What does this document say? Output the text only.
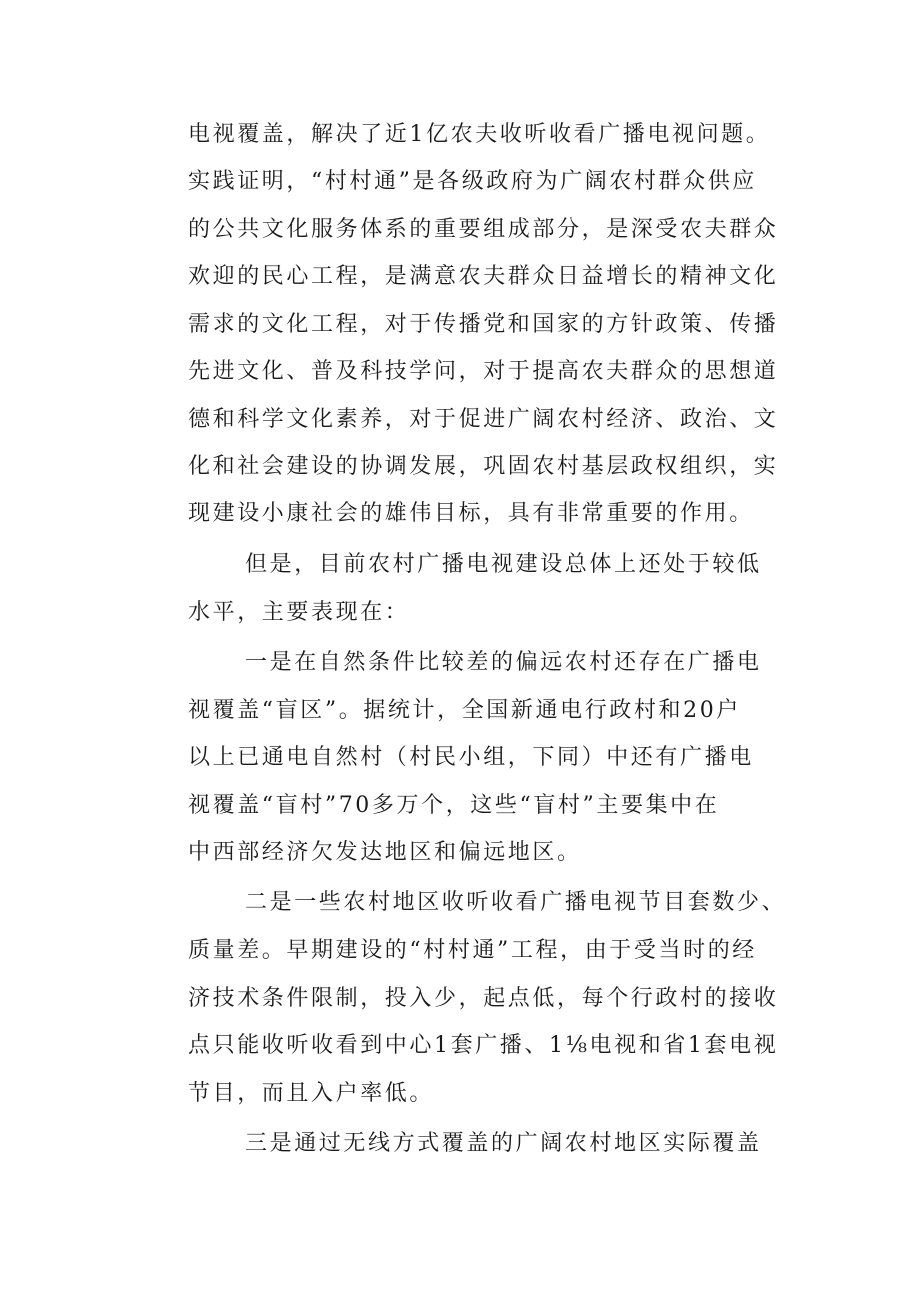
电视覆盖，解决了近1亿农夫收听收看广播电视问题。
实践证明，“村村通”是各级政府为广阔农村群众供应
的公共文化服务体系的重要组成部分，是深受农夫群众
欢迎的民心工程，是满意农夫群众日益增长的精神文化
需求的文化工程，对于传播党和国家的方针政策、传播
先进文化、普及科技学问，对于提高农夫群众的思想道
德和科学文化素养，对于促进广阔农村经济、政治、文
化和社会建设的协调发展，巩固农村基层政权组织，实
现建设小康社会的雄伟目标，具有非常重要的作用。
但是，目前农村广播电视建设总体上还处于较低
水平，主要表现在：
一是在自然条件比较差的偏远农村还存在广播电
视覆盖“盲区”。据统计，全国新通电行政村和20户
以上已通电自然村（村民小组，下同）中还有广播电
视覆盖“盲村”70多万个，这些“盲村”主要集中在
中西部经济欠发达地区和偏远地区。
二是一些农村地区收听收看广播电视节目套数少、
质量差。早期建设的“村村通”工程，由于受当时的经
济技术条件限制，投入少，起点低，每个行政村的接收
点只能收听收看到中心1套广播、1⅛电视和省1套电视
节目，而且入户率低。
三是通过无线方式覆盖的广阔农村地区实际覆盖
